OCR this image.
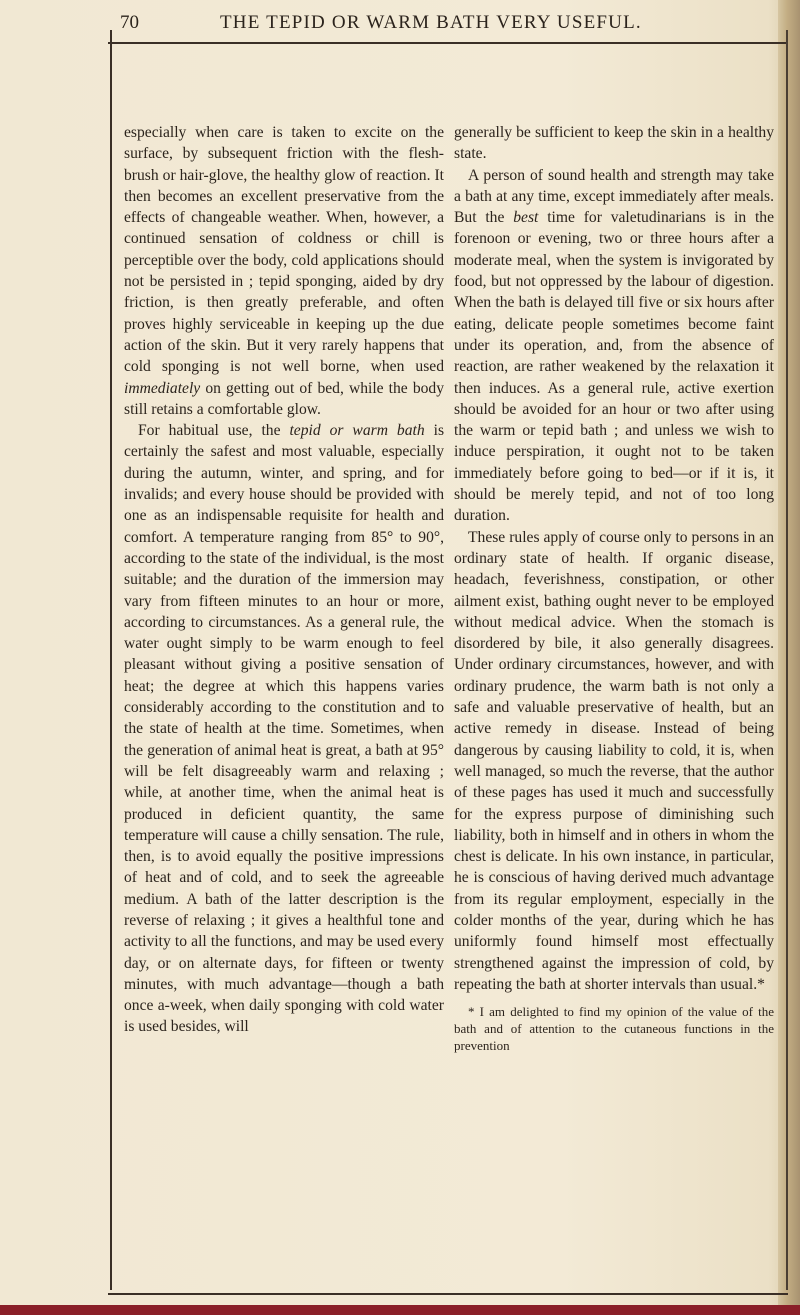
70	THE TEPID OR WARM BATH VERY USEFUL.

especially when care is taken to excite on the surface, by subsequent friction with the flesh-brush or hair-glove, the healthy glow of reaction. It then becomes an excellent preservative from the effects of changeable weather. When, however, a continued sensation of coldness or chill is perceptible over the body, cold applications should not be persisted in ; tepid sponging, aided by dry friction, is then greatly preferable, and often proves highly serviceable in keeping up the due action of the skin. But it very rarely happens that cold sponging is not well borne, when used immediately on getting out of bed, while the body still retains a comfortable glow.

For habitual use, the tepid or warm bath is certainly the safest and most valuable, especially during the autumn, winter, and spring, and for invalids; and every house should be provided with one as an indispensable requisite for health and comfort. A temperature ranging from 85° to 90°, according to the state of the individual, is the most suitable; and the duration of the immersion may vary from fifteen minutes to an hour or more, according to circumstances. As a general rule, the water ought simply to be warm enough to feel pleasant without giving a positive sensation of heat; the degree at which this happens varies considerably according to the constitution and to the state of health at the time. Sometimes, when the generation of animal heat is great, a bath at 95° will be felt disagreeably warm and relaxing ; while, at another time, when the animal heat is produced in deficient quantity, the same temperature will cause a chilly sensation. The rule, then, is to avoid equally the positive impressions of heat and of cold, and to seek the agreeable medium. A bath of the latter description is the reverse of relaxing ; it gives a healthful tone and activity to all the functions, and may be used every day, or on alternate days, for fifteen or twenty minutes, with much advantage—though a bath once a-week, when daily sponging with cold water is used besides, will

generally be sufficient to keep the skin in a healthy state.

A person of sound health and strength may take a bath at any time, except immediately after meals. But the best time for valetudinarians is in the forenoon or evening, two or three hours after a moderate meal, when the system is invigorated by food, but not oppressed by the labour of digestion. When the bath is delayed till five or six hours after eating, delicate people sometimes become faint under its operation, and, from the absence of reaction, are rather weakened by the relaxation it then induces. As a general rule, active exertion should be avoided for an hour or two after using the warm or tepid bath ; and unless we wish to induce perspiration, it ought not to be taken immediately before going to bed—or if it is, it should be merely tepid, and not of too long duration.

These rules apply of course only to persons in an ordinary state of health. If organic disease, headach, feverishness, constipation, or other ailment exist, bathing ought never to be employed without medical advice. When the stomach is disordered by bile, it also generally disagrees. Under ordinary circumstances, however, and with ordinary prudence, the warm bath is not only a safe and valuable preservative of health, but an active remedy in disease. Instead of being dangerous by causing liability to cold, it is, when well managed, so much the reverse, that the author of these pages has used it much and successfully for the express purpose of diminishing such liability, both in himself and in others in whom the chest is delicate. In his own instance, in particular, he is conscious of having derived much advantage from its regular employment, especially in the colder months of the year, during which he has uniformly found himself most effectually strengthened against the impression of cold, by repeating the bath at shorter intervals than usual.*

* I am delighted to find my opinion of the value of the bath and of attention to the cutaneous functions in the prevention
